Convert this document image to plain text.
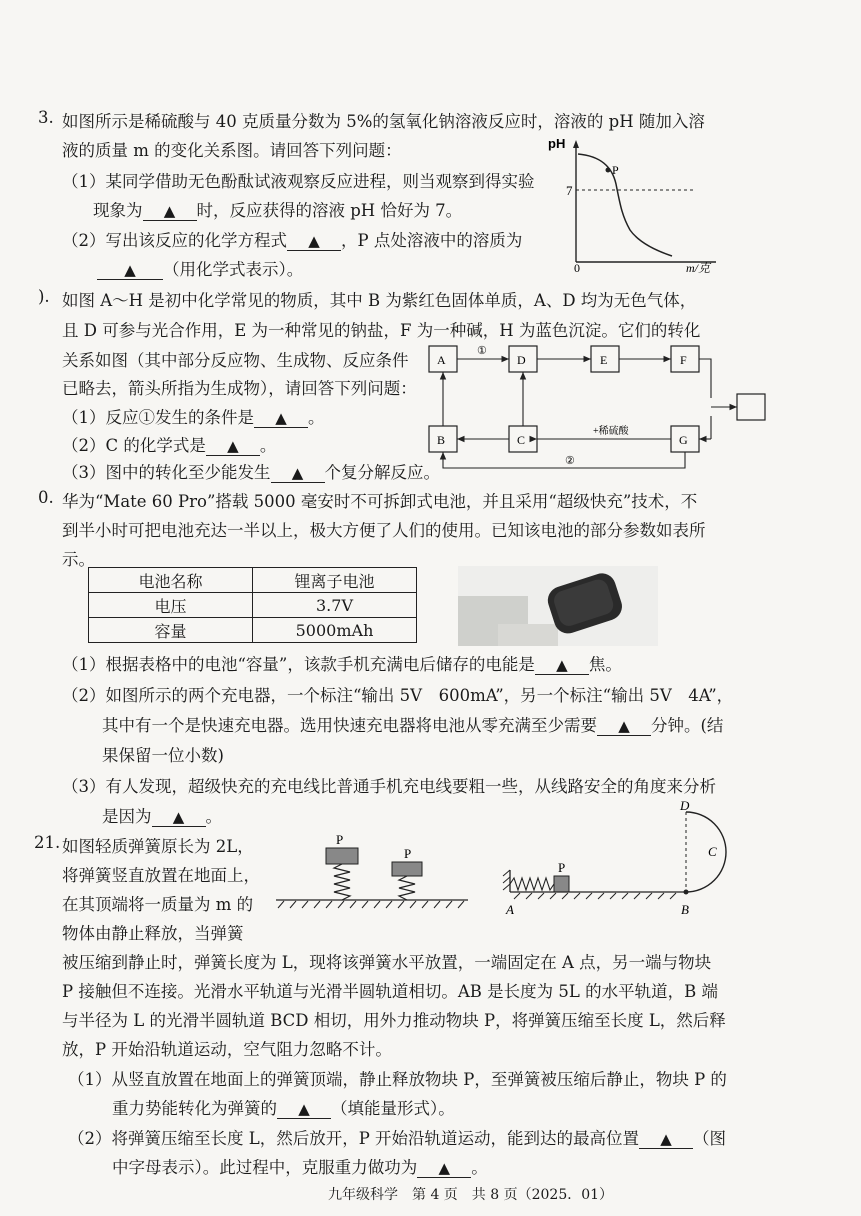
3. 如图所示是稀硫酸与 40 克质量分数为 5%的氢氧化钠溶液反应时，溶液的 pH 随加入溶
液的质量 m 的变化关系图。请回答下列问题：
（1）某同学借助无色酚酞试液观察反应进程，则当观察到得实验
现象为 ▲ 时，反应获得的溶液 pH 恰好为 7。
（2）写出该反应的化学方程式 ▲ ，P 点处溶液中的溶质为
▲ （用化学式表示）。
pH
7
P
0	m/克
). 如图 A～H 是初中化学常见的物质，其中 B 为紫红色固体单质，A、D 均为无色气体，
且 D 可参与光合作用，E 为一种常见的钠盐，F 为一种碱，H 为蓝色沉淀。它们的转化
关系如图（其中部分反应物、生成物、反应条件
已略去，箭头所指为生成物），请回答下列问题：
（1）反应①发生的条件是 ▲ 。
（2）C 的化学式是 ▲ 。
（3）图中的转化至少能发生 ▲ 个复分解反应。
A	D	E	F
B	C	G
①
+稀硫酸
②
0. 华为“Mate 60 Pro”搭载 5000 毫安时不可拆卸式电池，并且采用“超级快充”技术，不
到半小时可把电池充达一半以上，极大方便了人们的使用。已知该电池的部分参数如表所
示。
电池名称	锂离子电池
电压	3.7V
容量	5000mAh
（1）根据表格中的电池“容量”，该款手机充满电后储存的电能是 ▲ 焦。
（2）如图所示的两个充电器，一个标注“输出 5V　600mA”，另一个标注“输出 5V　4A”，
其中有一个是快速充电器。选用快速充电器将电池从零充满至少需要 ▲ 分钟。(结
果保留一位小数)
（3）有人发现，超级快充的充电线比普通手机充电线要粗一些，从线路安全的角度来分析
是因为 ▲ 。
21. 如图轻质弹簧原长为 2L，
将弹簧竖直放置在地面上，
在其顶端将一质量为 m 的
物体由静止释放，当弹簧
被压缩到静止时，弹簧长度为 L，现将该弹簧水平放置，一端固定在 A 点，另一端与物块
P 接触但不连接。光滑水平轨道与光滑半圆轨道相切。AB 是长度为 5L 的水平轨道，B 端
与半径为 L 的光滑半圆轨道 BCD 相切，用外力推动物块 P，将弹簧压缩至长度 L，然后释
放，P 开始沿轨道运动，空气阻力忽略不计。
（1）从竖直放置在地面上的弹簧顶端，静止释放物块 P，至弹簧被压缩后静止，物块 P 的
重力势能转化为弹簧的 ▲ （填能量形式）。
（2）将弹簧压缩至长度 L，然后放开，P 开始沿轨道运动，能到达的最高位置 ▲ （图
中字母表示）。此过程中，克服重力做功为 ▲ 。
P
P
P
A	B
C
D
九年级科学　第 4 页　共 8 页（2025．01）
